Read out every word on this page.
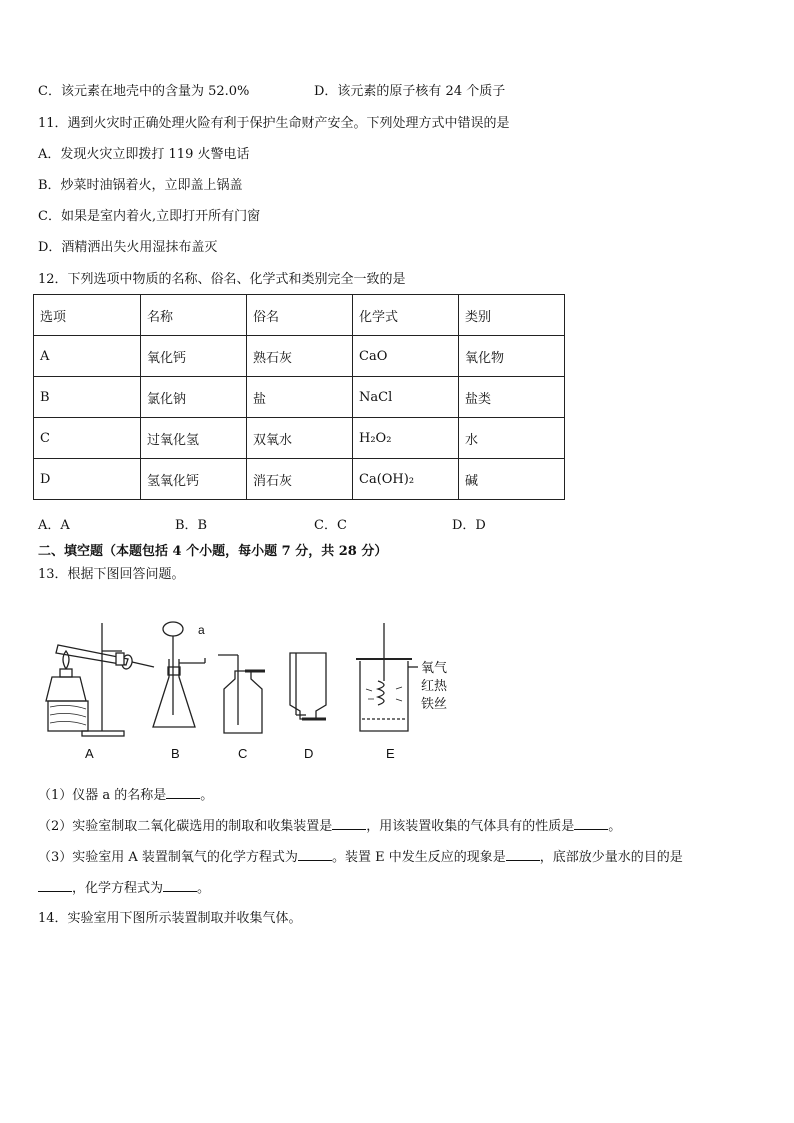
C．该元素在地壳中的含量为 52.0%	D．该元素的原子核有 24 个质子
11．遇到火灾时正确处理火险有利于保护生命财产安全。下列处理方式中错误的是
A．发现火灾立即拨打 119 火警电话
B．炒菜时油锅着火，立即盖上锅盖
C．如果是室内着火,立即打开所有门窗
D．酒精洒出失火用湿抹布盖灭
12．下列选项中物质的名称、俗名、化学式和类别完全一致的是
选项	名称	俗名	化学式	类别
A	氧化钙	熟石灰	CaO	氧化物
B	氯化钠	盐	NaCl	盐类
C	过氧化氢	双氧水	H₂O₂	水
D	氢氧化钙	消石灰	Ca(OH)₂	碱
A．A	B．B	C．C	D．D
二、填空题（本题包括 4 个小题，每小题 7 分，共 28 分）
13．根据下图回答问题。
a
氧气
红热
铁丝
A	B	C	D	E
（1）仪器 a 的名称是	。
（2）实验室制取二氧化碳选用的制取和收集装置是	，用该装置收集的气体具有的性质是	。
（3）实验室用 A 装置制氧气的化学方程式为	。装置 E 中发生反应的现象是	，底部放少量水的目的是
，化学方程式为	。
14．实验室用下图所示装置制取并收集气体。
